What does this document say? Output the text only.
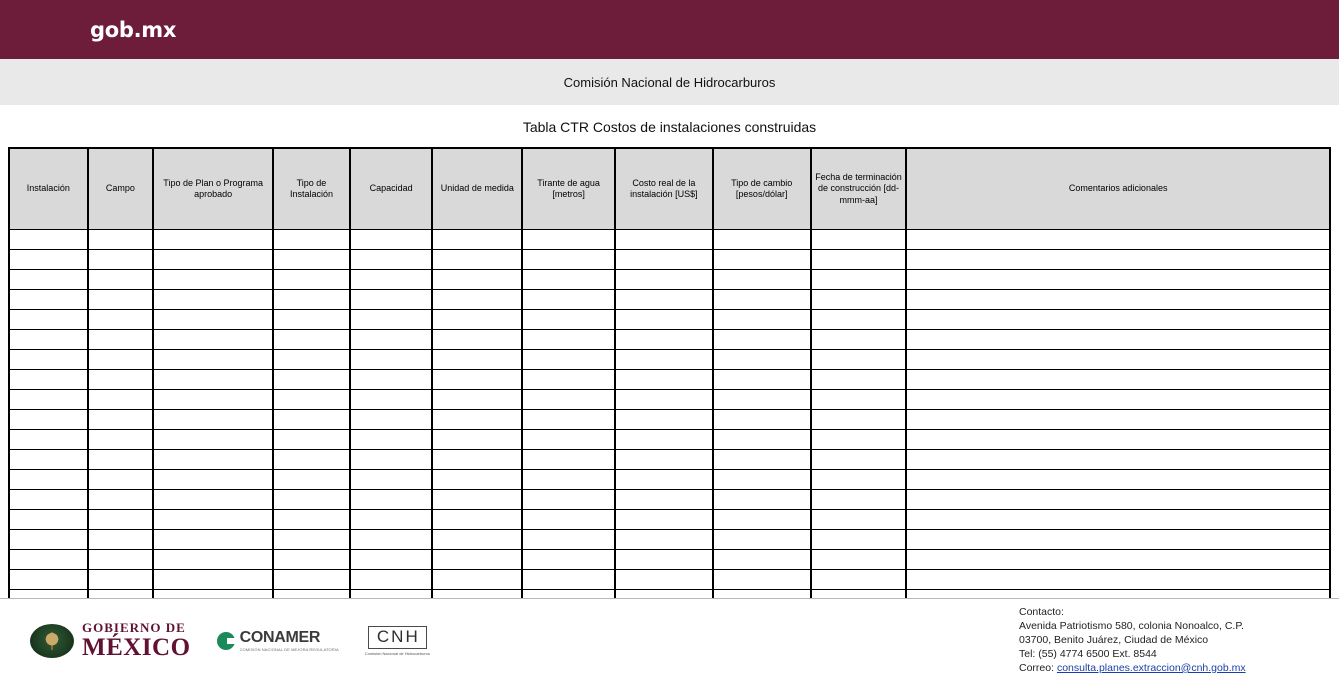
gob.mx
Comisión Nacional de Hidrocarburos
Tabla CTR Costos de instalaciones construidas
Instalación	Campo	Tipo de Plan o Programa aprobado	Tipo de Instalación	Capacidad	Unidad de medida	Tirante de agua [metros]	Costo real de la instalación [US$]	Tipo de cambio [pesos/dólar]	Fecha de terminación de construcción [dd-mmm-aa]	Comentarios adicionales

GOBIERNO DE
MÉXICO	CONAMER
COMISIÓN NACIONAL DE MEJORA REGULATORIA
CNH
Comisión Nacional de Hidrocarburos
Contacto:
Avenida Patriotismo 580, colonia Nonoalco, C.P.
03700, Benito Juárez, Ciudad de México
Tel: (55) 4774 6500 Ext. 8544
Correo: consulta.planes.extraccion@cnh.gob.mx
